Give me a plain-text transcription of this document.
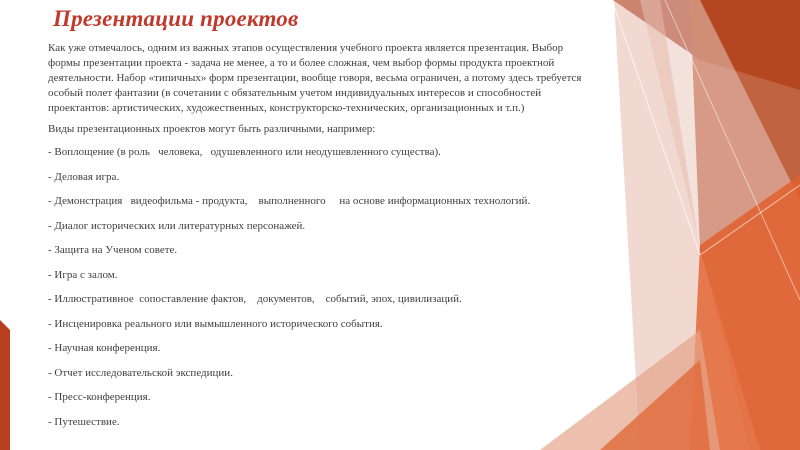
Презентации проектов

Как уже отмечалось, одним из важных этапов осуществления учебного проекта является презентация. Выбор формы презентации проекта - задача не менее, а то и более сложная, чем выбор формы продукта проектной деятельности. Набор «типичных» форм презентации, вообще говоря, весьма ограничен, а потому здесь требуется особый полет фантазии (в сочетании с обязательным учетом индивидуальных интересов и способностей проектантов: артистических, художественных, конструкторско-технических, организационных и т.п.)

Виды презентационных проектов могут быть различными, например:

- Воплощение (в роль   человека,   одушевленного или неодушевленного существа).
- Деловая игра.
- Демонстрация   видеофильма - продукта,    выполненного     на основе информационных технологий.
- Диалог исторических или литературных персонажей.
- Защита на Ученом совете.
- Игра с залом.
- Иллюстративное  сопоставление фактов,    документов,    событий, эпох, цивилизаций.
- Инсценировка реального или вымышленного исторического события.
- Научная конференция.
- Отчет исследовательской экспедиции.
- Пресс-конференция.
- Путешествие.
